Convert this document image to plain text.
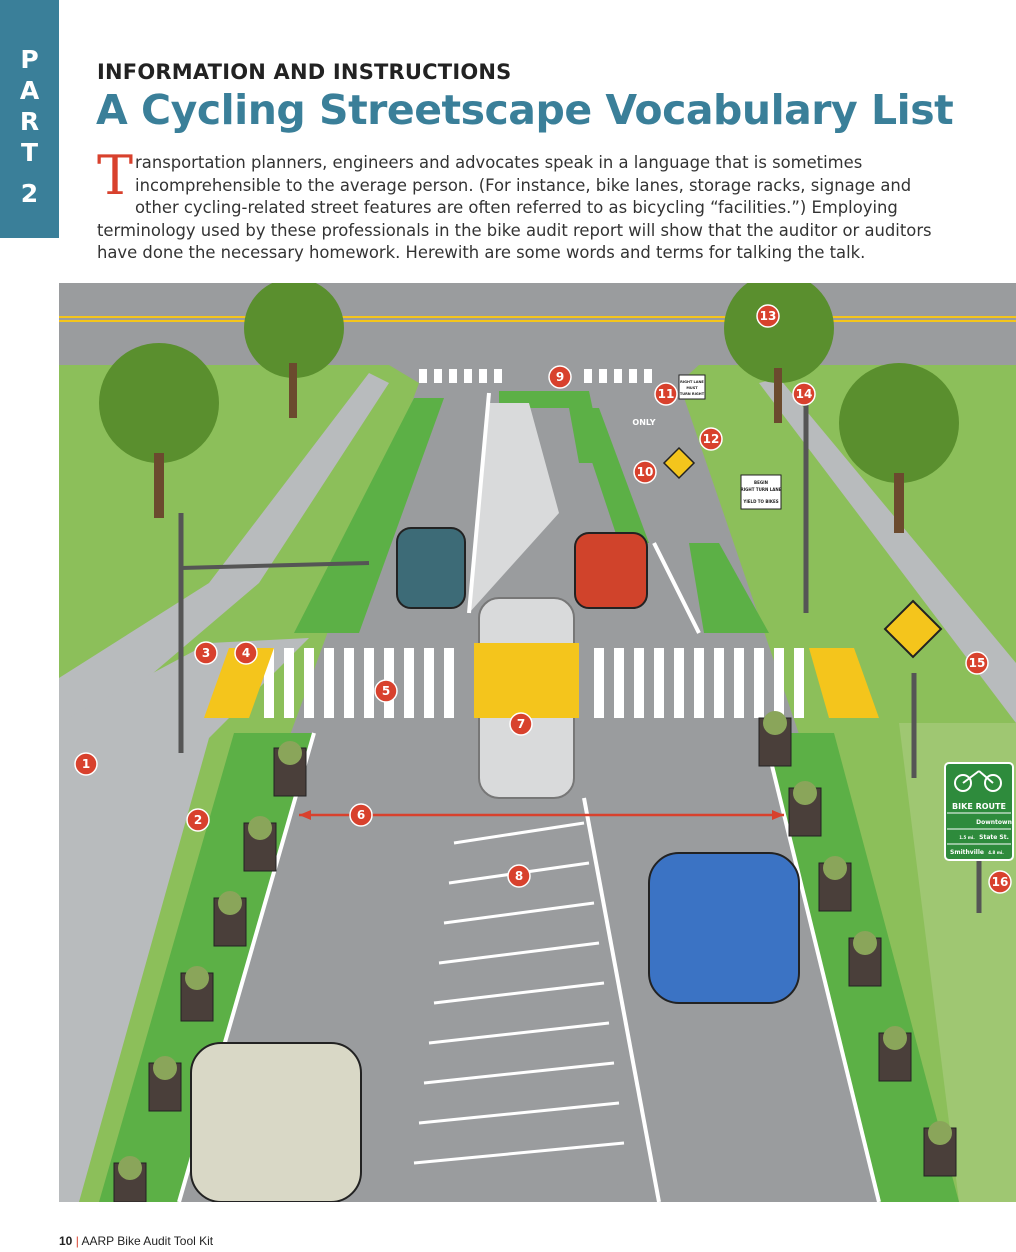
P
A
R
T
2
INFORMATION AND INSTRUCTIONS
A Cycling Streetscape Vocabulary List
Transportation planners, engineers and advocates speak in a language that is sometimes incomprehensible to the average person. (For instance, bike lanes, storage racks, signage and other cycling-related street features are often referred to as bicycling “facilities.”) Employing terminology used by these professionals in the bike audit report will show that the auditor or auditors have done the necessary homework. Herewith are some words and terms for talking the talk.
BIKE ROUTE
Downtown
State St.
Smithville
1.5 mi.
4.8 mi.
RIGHT LANE
MUST
TURN RIGHT
BEGIN
RIGHT TURN LANE
YIELD TO BIKES
ONLY
1
2
3	4
5
6
7
8
9
10
11
12
13
14
15
16
10 | AARP Bike Audit Tool Kit
